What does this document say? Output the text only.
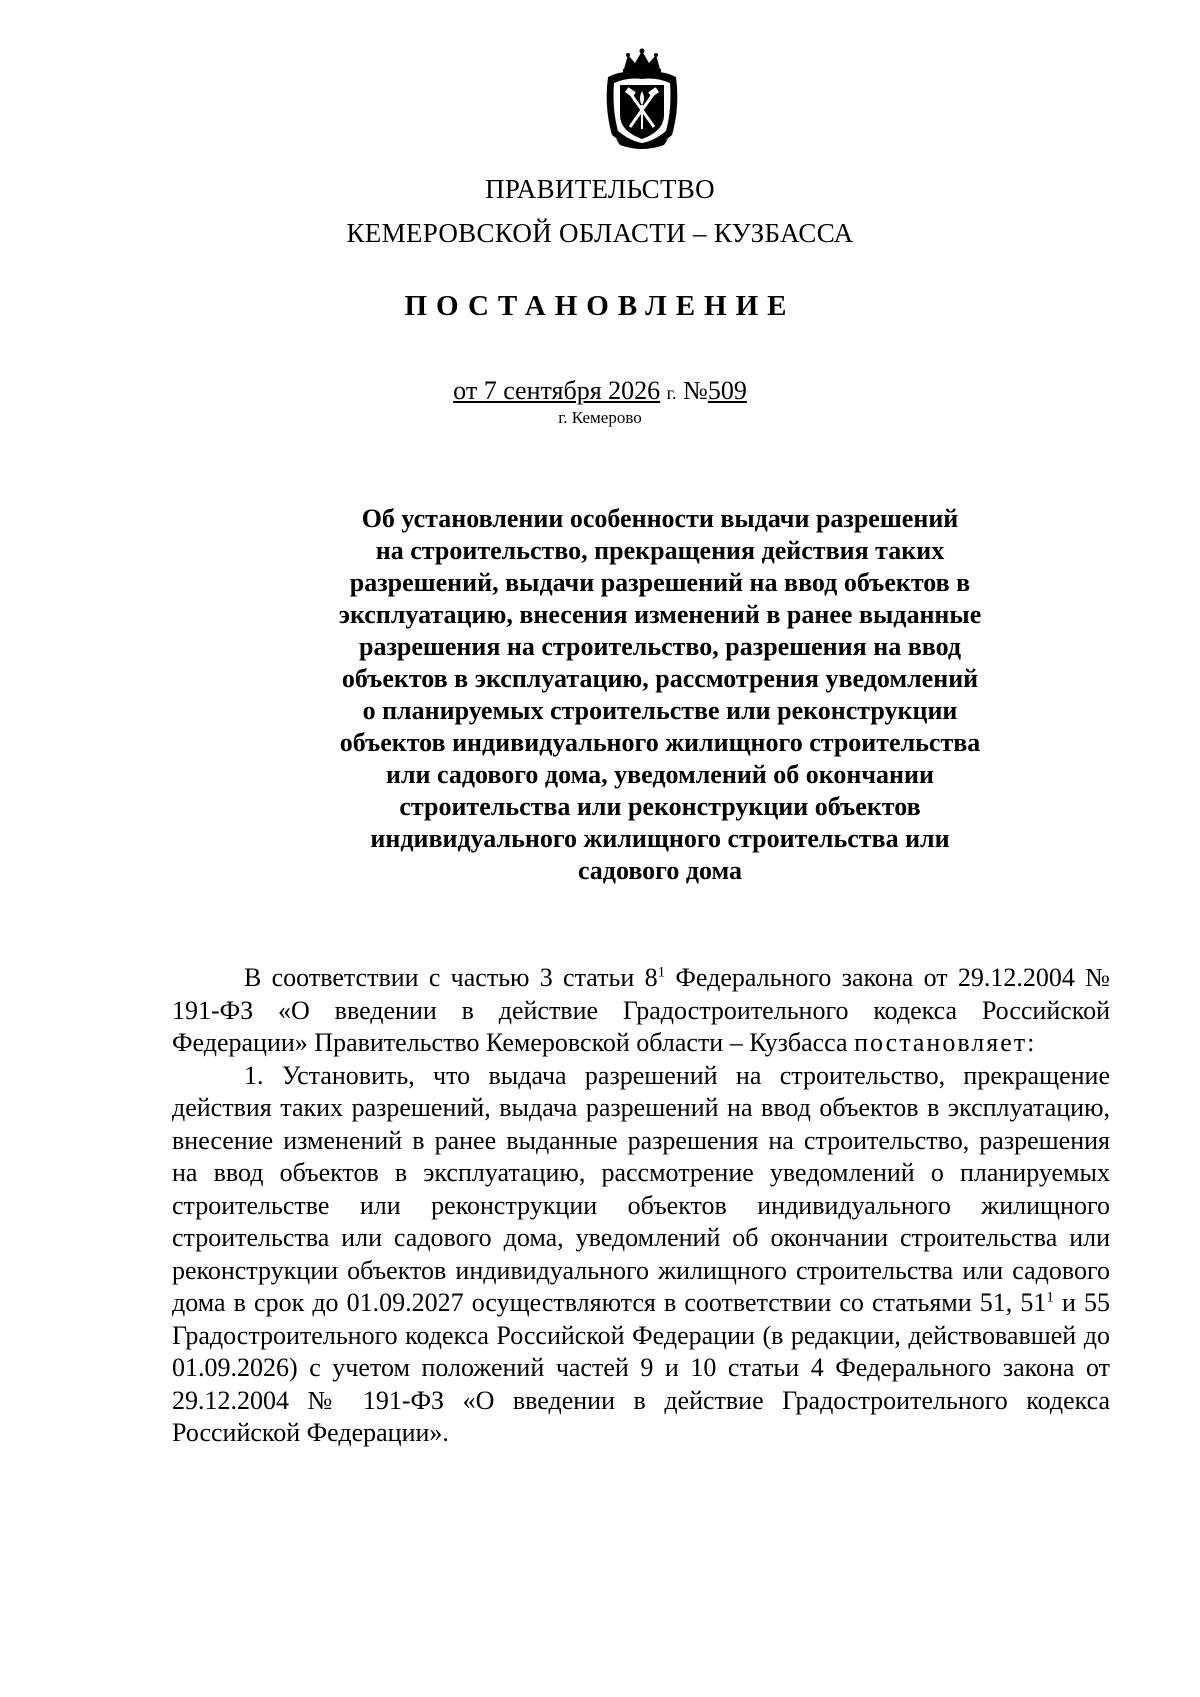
ПРАВИТЕЛЬСТВО
КЕМЕРОВСКОЙ ОБЛАСТИ – КУЗБАССА
ПОСТАНОВЛЕНИЕ
от 7 сентября 2026 г. №509
г. Кемерово
Об установлении особенности выдачи разрешений
на строительство, прекращения действия таких
разрешений, выдачи разрешений на ввод объектов в
эксплуатацию, внесения изменений в ранее выданные
разрешения на строительство, разрешения на ввод
объектов в эксплуатацию, рассмотрения уведомлений
о планируемых строительстве или реконструкции
объектов индивидуального жилищного строительства
или садового дома, уведомлений об окончании
строительства или реконструкции объектов
индивидуального жилищного строительства или
садового дома

В соответствии с частью 3 статьи $8^1$ Федерального закона от 29.12.2004 № 191-ФЗ «О введении в действие Градостроительного кодекса Российской Федерации» Правительство Кемеровской области – Кузбасса постановляет:

1. Установить, что выдача разрешений на строительство, прекращение действия таких разрешений, выдача разрешений на ввод объектов в эксплуатацию, внесение изменений в ранее выданные разрешения на строительство, разрешения на ввод объектов в эксплуатацию, рассмотрение уведомлений о планируемых строительстве или реконструкции объектов индивидуального жилищного строительства или садового дома, уведомлений об окончании строительства или реконструкции объектов индивидуального жилищного строительства или садового дома в срок до 01.09.2027 осуществляются в соответствии со статьями 51, $51^1$ и 55 Градостроительного кодекса Российской Федерации (в редакции, действовавшей до 01.09.2026) с учетом положений частей 9 и 10 статьи 4 Федерального закона от 29.12.2004 № 191-ФЗ «О введении в действие Градостроительного кодекса Российской Федерации».
